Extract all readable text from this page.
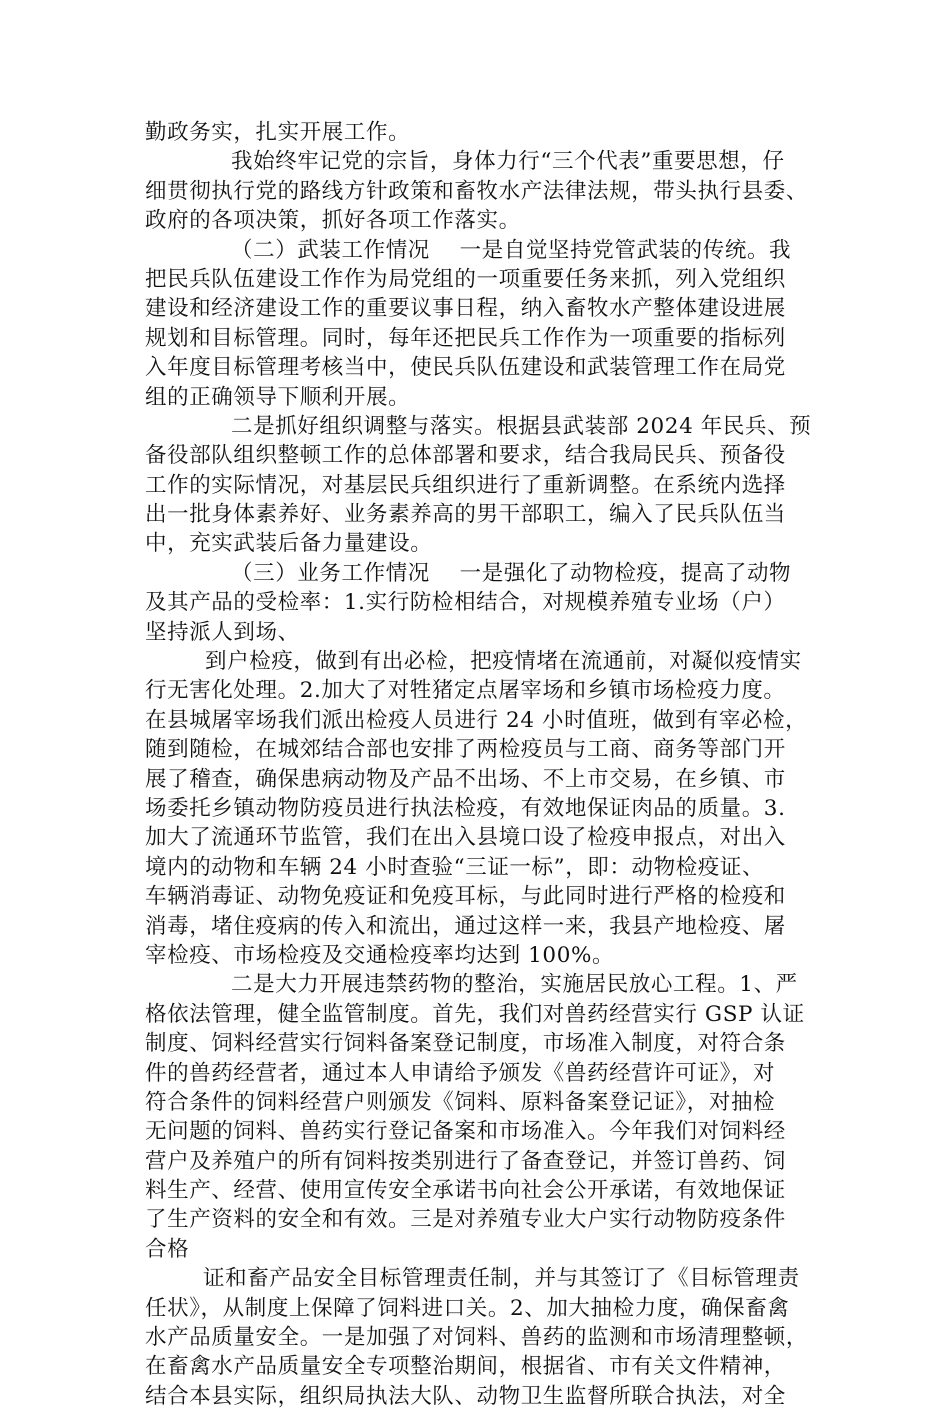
勤政务实，扎实开展工作。
我始终牢记党的宗旨，身体力行“三个代表”重要思想，仔
细贯彻执行党的路线方针政策和畜牧水产法律法规，带头执行县委、
政府的各项决策，抓好各项工作落实。
（二）武装工作情况    一是自觉坚持党管武装的传统。我
把民兵队伍建设工作作为局党组的一项重要任务来抓，列入党组织
建设和经济建设工作的重要议事日程，纳入畜牧水产整体建设进展
规划和目标管理。同时，每年还把民兵工作作为一项重要的指标列
入年度目标管理考核当中，使民兵队伍建设和武装管理工作在局党
组的正确领导下顺利开展。
二是抓好组织调整与落实。根据县武装部 2024 年民兵、预
备役部队组织整顿工作的总体部署和要求，结合我局民兵、预备役
工作的实际情况，对基层民兵组织进行了重新调整。在系统内选择
出一批身体素养好、业务素养高的男干部职工，编入了民兵队伍当
中，充实武装后备力量建设。
（三）业务工作情况    一是强化了动物检疫，提高了动物
及其产品的受检率：1.实行防检相结合，对规模养殖专业场（户）
坚持派人到场、
到户检疫，做到有出必检，把疫情堵在流通前，对凝似疫情实
行无害化处理。2.加大了对牲猪定点屠宰场和乡镇市场检疫力度。
在县城屠宰场我们派出检疫人员进行 24 小时值班，做到有宰必检，
随到随检，在城郊结合部也安排了两检疫员与工商、商务等部门开
展了稽查，确保患病动物及产品不出场、不上市交易，在乡镇、市
场委托乡镇动物防疫员进行执法检疫，有效地保证肉品的质量。3.
加大了流通环节监管，我们在出入县境口设了检疫申报点，对出入
境内的动物和车辆 24 小时查验“三证一标”，即：动物检疫证、
车辆消毒证、动物免疫证和免疫耳标，与此同时进行严格的检疫和
消毒，堵住疫病的传入和流出，通过这样一来，我县产地检疫、屠
宰检疫、市场检疫及交通检疫率均达到 100%。
二是大力开展违禁药物的整治，实施居民放心工程。1、严
格依法管理，健全监管制度。首先，我们对兽药经营实行 GSP 认证
制度、饲料经营实行饲料备案登记制度，市场准入制度，对符合条
件的兽药经营者，通过本人申请给予颁发《兽药经营许可证》，对
符合条件的饲料经营户则颁发《饲料、原料备案登记证》，对抽检
无问题的饲料、兽药实行登记备案和市场准入。今年我们对饲料经
营户及养殖户的所有饲料按类别进行了备查登记，并签订兽药、饲
料生产、经营、使用宣传安全承诺书向社会公开承诺，有效地保证
了生产资料的安全和有效。三是对养殖专业大户实行动物防疫条件
合格
证和畜产品安全目标管理责任制，并与其签订了《目标管理责
任状》，从制度上保障了饲料进口关。2、加大抽检力度，确保畜禽
水产品质量安全。一是加强了对饲料、兽药的监测和市场清理整顿，
在畜禽水产品质量安全专项整治期间，根据省、市有关文件精神，
结合本县实际，组织局执法大队、动物卫生监督所联合执法，对全
